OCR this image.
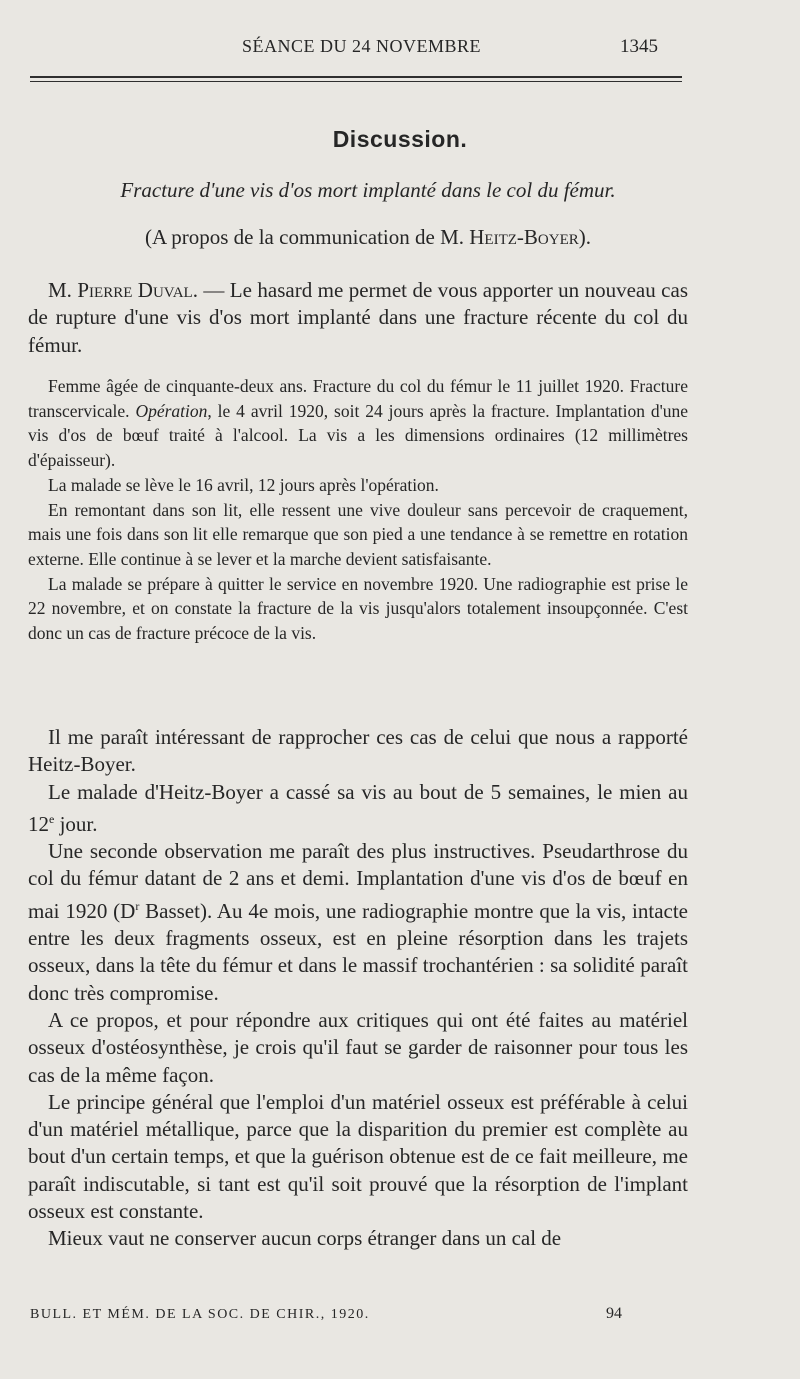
SÉANCE DU 24 NOVEMBRE	1345
Discussion.
Fracture d'une vis d'os mort implanté dans le col du fémur.
(A propos de la communication de M. Heitz-Boyer).

M. Pierre Duval. — Le hasard me permet de vous apporter un nouveau cas de rupture d'une vis d'os mort implanté dans une fracture récente du col du fémur.

Femme âgée de cinquante-deux ans. Fracture du col du fémur le 11 juillet 1920. Fracture transcervicale. Opération, le 4 avril 1920, soit 24 jours après la fracture. Implantation d'une vis d'os de bœuf traité à l'alcool. La vis a les dimensions ordinaires (12 millimètres d'épaisseur).

La malade se lève le 16 avril, 12 jours après l'opération.

En remontant dans son lit, elle ressent une vive douleur sans percevoir de craquement, mais une fois dans son lit elle remarque que son pied a une tendance à se remettre en rotation externe. Elle continue à se lever et la marche devient satisfaisante.

La malade se prépare à quitter le service en novembre 1920. Une radiographie est prise le 22 novembre, et on constate la fracture de la vis jusqu'alors totalement insoupçonnée. C'est donc un cas de fracture précoce de la vis.

Il me paraît intéressant de rapprocher ces cas de celui que nous a rapporté Heitz-Boyer.

Le malade d'Heitz-Boyer a cassé sa vis au bout de 5 semaines, le mien au 12e jour.

Une seconde observation me paraît des plus instructives. Pseudarthrose du col du fémur datant de 2 ans et demi. Implantation d'une vis d'os de bœuf en mai 1920 ($D^r$ Basset). Au 4e mois, une radiographie montre que la vis, intacte entre les deux fragments osseux, est en pleine résorption dans les trajets osseux, dans la tête du fémur et dans le massif trochantérien : sa solidité paraît donc très compromise.

A ce propos, et pour répondre aux critiques qui ont été faites au matériel osseux d'ostéosynthèse, je crois qu'il faut se garder de raisonner pour tous les cas de la même façon.

Le principe général que l'emploi d'un matériel osseux est préférable à celui d'un matériel métallique, parce que la disparition du premier est complète au bout d'un certain temps, et que la guérison obtenue est de ce fait meilleure, me paraît indiscutable, si tant est qu'il soit prouvé que la résorption de l'implant osseux est constante.

Mieux vaut ne conserver aucun corps étranger dans un cal de

BULL. ET MÉM. DE LA SOC. DE CHIR., 1920.	94
